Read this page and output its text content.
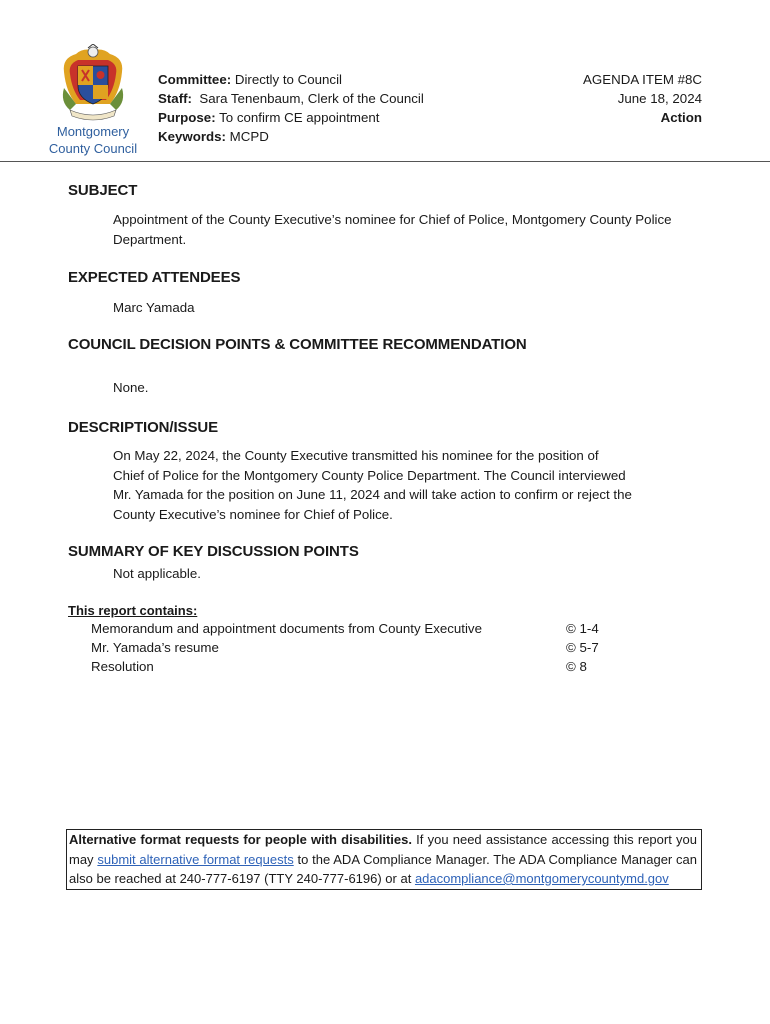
Montgomery
County Council
Committee: Directly to Council
Staff:  Sara Tenenbaum, Clerk of the Council
Purpose: To confirm CE appointment
Keywords: MCPD
AGENDA ITEM #8C
June 18, 2024
Action
SUBJECT
Appointment of the County Executive’s nominee for Chief of Police, Montgomery County Police Department.
EXPECTED ATTENDEES
Marc Yamada
COUNCIL DECISION POINTS & COMMITTEE RECOMMENDATION
None.
DESCRIPTION/ISSUE
On May 22, 2024, the County Executive transmitted his nominee for the position of Chief of Police for the Montgomery County Police Department. The Council interviewed Mr. Yamada for the position on June 11, 2024 and will take action to confirm or reject the County Executive’s nominee for Chief of Police.
SUMMARY OF KEY DISCUSSION POINTS
Not applicable.
This report contains:
Memorandum and appointment documents from County Executive	© 1-4
Mr. Yamada’s resume	© 5-7
Resolution	© 8
Alternative format requests for people with disabilities. If you need assistance accessing this report you may submit alternative format requests to the ADA Compliance Manager. The ADA Compliance Manager can also be reached at 240-777-6197 (TTY 240-777-6196) or at adacompliance@montgomerycountymd.gov
